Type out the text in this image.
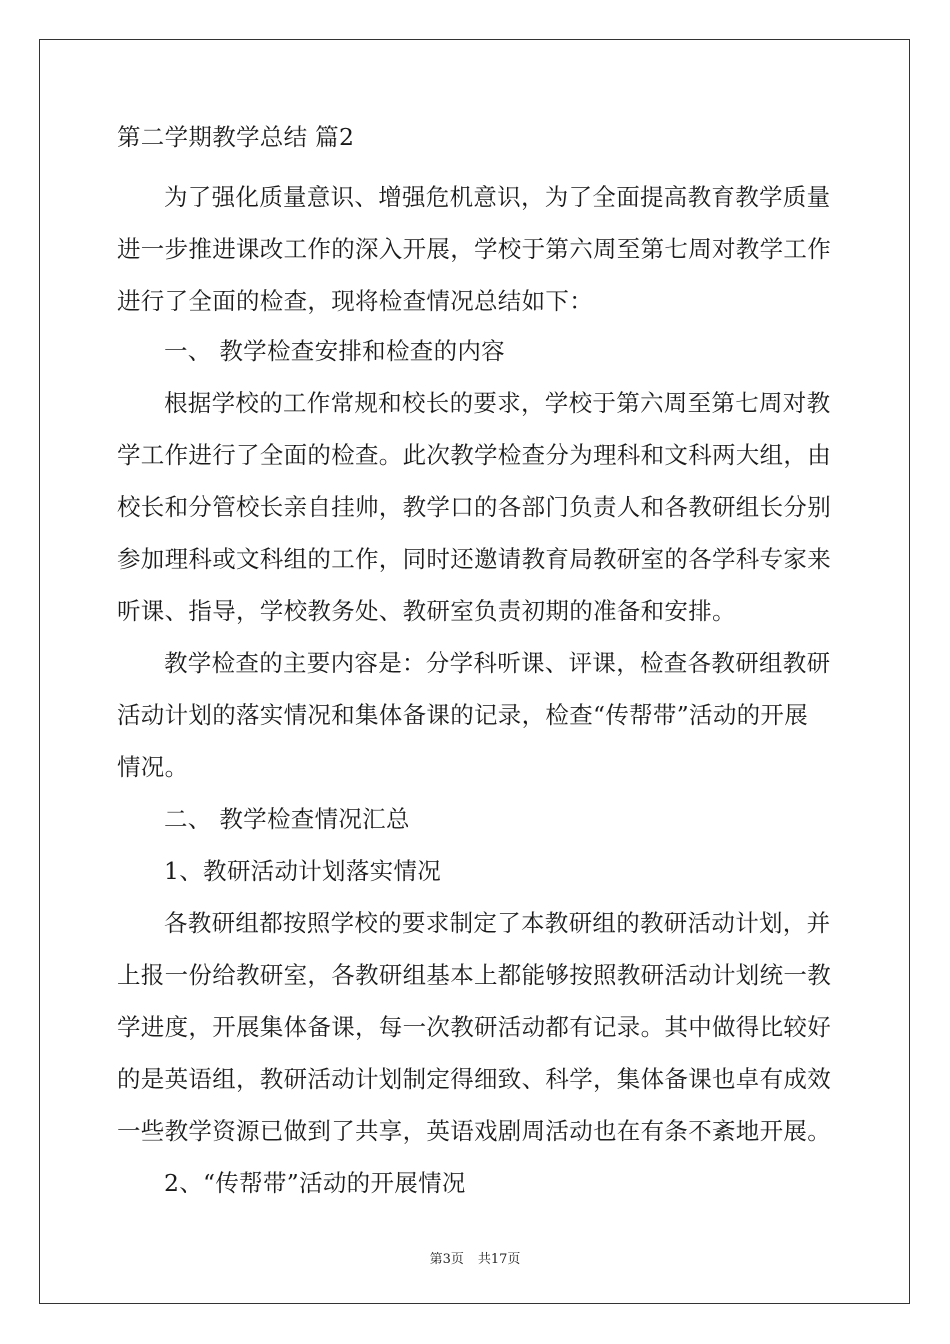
第二学期教学总结 篇2
为了强化质量意识、增强危机意识，为了全面提高教育教学质量
进一步推进课改工作的深入开展，学校于第六周至第七周对教学工作
进行了全面的检查，现将检查情况总结如下：
一、 教学检查安排和检查的内容
根据学校的工作常规和校长的要求，学校于第六周至第七周对教
学工作进行了全面的检查。此次教学检查分为理科和文科两大组，由
校长和分管校长亲自挂帅，教学口的各部门负责人和各教研组长分别
参加理科或文科组的工作，同时还邀请教育局教研室的各学科专家来
听课、指导，学校教务处、教研室负责初期的准备和安排。
教学检查的主要内容是：分学科听课、评课，检查各教研组教研
活动计划的落实情况和集体备课的记录，检查“传帮带”活动的开展
情况。
二、 教学检查情况汇总
1、教研活动计划落实情况
各教研组都按照学校的要求制定了本教研组的教研活动计划，并
上报一份给教研室，各教研组基本上都能够按照教研活动计划统一教
学进度，开展集体备课，每一次教研活动都有记录。其中做得比较好
的是英语组，教研活动计划制定得细致、科学，集体备课也卓有成效
一些教学资源已做到了共享，英语戏剧周活动也在有条不紊地开展。
2、“传帮带”活动的开展情况
第3页 共17页
